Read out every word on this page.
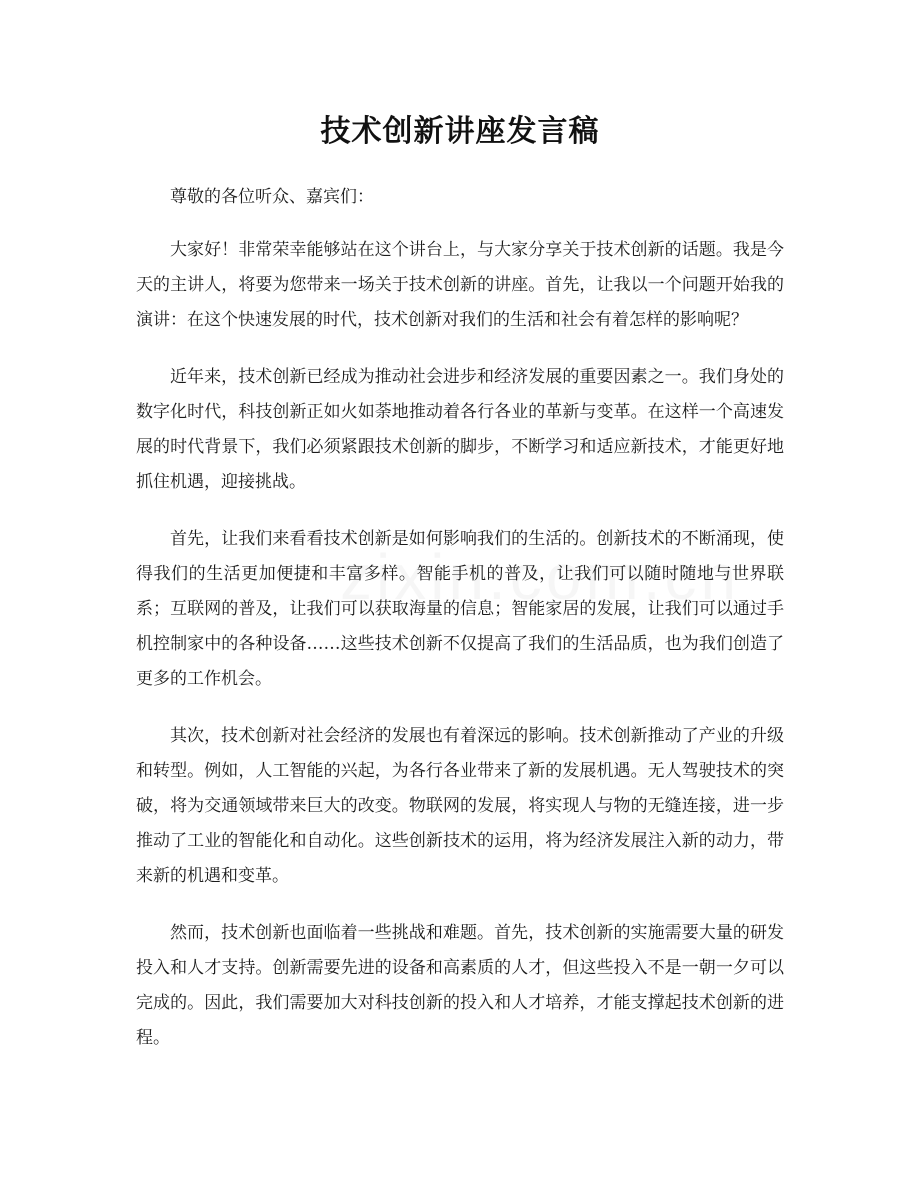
技术创新讲座发言稿

尊敬的各位听众、嘉宾们：

大家好！非常荣幸能够站在这个讲台上，与大家分享关于技术创新的话题。我是今天的主讲人，将要为您带来一场关于技术创新的讲座。首先，让我以一个问题开始我的演讲：在这个快速发展的时代，技术创新对我们的生活和社会有着怎样的影响呢？

近年来，技术创新已经成为推动社会进步和经济发展的重要因素之一。我们身处的数字化时代，科技创新正如火如荼地推动着各行各业的革新与变革。在这样一个高速发展的时代背景下，我们必须紧跟技术创新的脚步，不断学习和适应新技术，才能更好地抓住机遇，迎接挑战。

首先，让我们来看看技术创新是如何影响我们的生活的。创新技术的不断涌现，使得我们的生活更加便捷和丰富多样。智能手机的普及，让我们可以随时随地与世界联系；互联网的普及，让我们可以获取海量的信息；智能家居的发展，让我们可以通过手机控制家中的各种设备……这些技术创新不仅提高了我们的生活品质，也为我们创造了更多的工作机会。

其次，技术创新对社会经济的发展也有着深远的影响。技术创新推动了产业的升级和转型。例如，人工智能的兴起，为各行各业带来了新的发展机遇。无人驾驶技术的突破，将为交通领域带来巨大的改变。物联网的发展，将实现人与物的无缝连接，进一步推动了工业的智能化和自动化。这些创新技术的运用，将为经济发展注入新的动力，带来新的机遇和变革。

然而，技术创新也面临着一些挑战和难题。首先，技术创新的实施需要大量的研发投入和人才支持。创新需要先进的设备和高素质的人才，但这些投入不是一朝一夕可以完成的。因此，我们需要加大对科技创新的投入和人才培养，才能支撑起技术创新的进程。
